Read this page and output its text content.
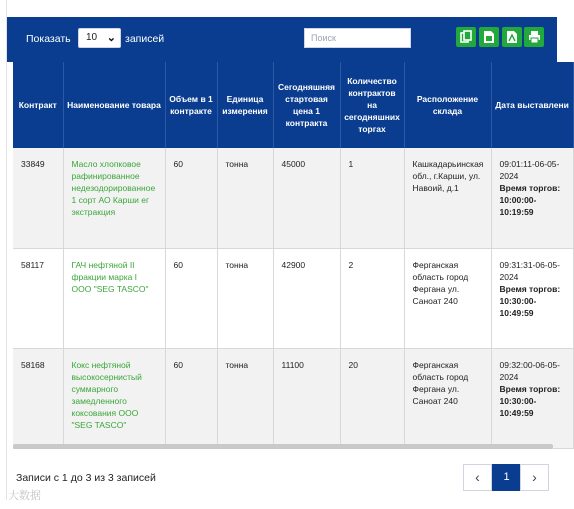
Показать	10 ⌄ записей	Поиск
Контракт	Наименование товара	Объем в 1 контракте	Единица измерения	Сегодняшняя стартовая цена 1 контракта	Количество контрактов на сегодняшних торгах	Расположение склада	Дата выставлени
33849	Масло хлопковое рафинированное недезодорированное 1 сорт АО Карши ег экстракция	60	тонна	45000	1	Кашкадарьинская обл., г.Карши, ул. Навоий, д.1	09:01:11-06-05-2024
Время торгов:
10:00:00-10:19:59
58117	ГАЧ нефтяной II фракции марка I ООО "SEG TASCO"	60	тонна	42900	2	Ферганская область город Фергана ул. Саноат 240	09:31:31-06-05-2024
Время торгов:
10:30:00-10:49:59
58168	Кокс нефтяной высокосернистый суммарного замедленного коксования ООО "SEG TASCO"	60	тонна	11100	20	Ферганская область город Фергана ул. Саноат 240	09:32:00-06-05-2024
Время торгов:
10:30:00-10:49:59
Записи с 1 до 3 из 3 записей	‹	1	›
大数据
